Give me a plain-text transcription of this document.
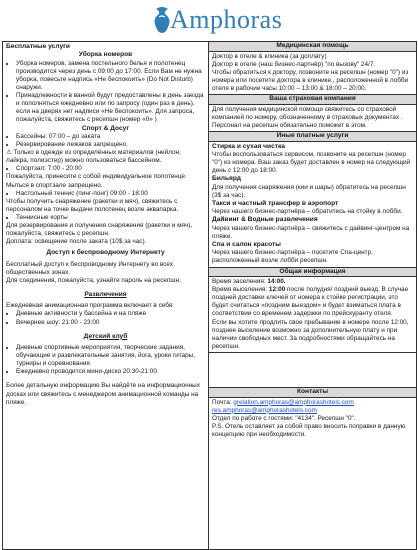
Amphoras
Бесплатные услуги
Уборка номеров
• Уборка номеров, замена постельного белья и полотенец производится через день с 09:00 до 17:00. Если Вам не нужна уборка, повесьте надпись «Не беспокоить» (Do Not Disturb) снаружи.
• Принадлежности в ванной будут предоставлены в день заезда и пополняться ежедневно или по запросу (один раз в день), если на дверях нет надписи «Не беспокоить». Для запроса, пожалуйста, свяжитесь с ресепшн (номер «0» )
Спорт & Досуг
• Бассейны: 07:00 – до заката
• Резервирование лежаков запрещено.
⚠ Только в одежде из определённых материалов (нейлон, лайкра, полиэстер) можно пользоваться бассейном.
• Спортзал: 7:00 - 20:00
Пожалуйста, принесите с собой индивидуальное полотенце. Мыться в спортзале запрещено.
• Настольный теннис (пинг-понг) 09:00 - 18:00
Чтобы получить снаряжение (ракетки и мяч), свяжитесь с персоналом на точке выдачи полотенец возле аквапарка.
• Теннисные корты
Для резервирования и получения снаряжения (ракетки и мяч), пожалуйста, свяжитесь с ресепшн.
Доплата: освещение после заката (10$ за час).
Доступ к беспроводному Интернету
Бесплатный доступ к беспроводному Интернету во всех общественных зонах.
Для соединения, пожалуйста, узнайте пароль на ресепшн.
Развлечения
Ежедневная анимационная программа включает в себя:
• Дневные активности у бассейна и на пляже
• Вечернее шоу: 21:00 - 23:00
Детский клуб
• Дневные спортивные мероприятия, творческие задания, обучающие и развлекательные занятия, йога, уроки гитары, турниры и соревнования
• Ежедневно проводится мини-диско 20:30-21:00
Более детальную информацию Вы найдёте на информационных досках или свяжитесь с менеджером анимационной команды на пляже.
Медицинская помощь
Доктор в отеле & клиника (за доплату)
Доктор в отеле (наш бизнес-партнёр) "по вызову" 24/7.
Чтобы обратиться к доктору, позвоните на ресепшн (номер "0") из номера или посетите доктора в клинике , расположенной в лобби отеля в рабочие часы 10:00 – 13:00 & 18:00 – 20:00.
Ваша страховая компания
Для получения медицинской помощи свяжитесь со страховой компанией по номеру, обозначенному в страховых документах . Персонал на ресепшн обязательно поможет в этом.
Иные платные услуги
Стирка и сухая чистка
Чтобы воспользоваться сервисом, позвоните на ресепшн (номер "0") из номера. Ваш заказ будет доставлен в номер на следующий день с 12:00 до 18:00.
Бильярд
Для получения снаряжения (кии и шары) обратитесь на ресепшн (3$ за час).
Такси и частный трансфер в аэропорт
Через нашего бизнес-партнёра – обратитесь на стойку в лобби.
Дайвинг & Водные развлечения
Через нашего бизнес-партнёра – свяжитесь с дайвинг-центром на пляже.
Спа и салон красоты
Через нашего бизнес-партнёра – посетите Спа-центр, расположенный возле лобби ресепшн.
Общая информация
Время заселения: 14:00.
Время выселения: 12:00 после полудня/ поздний выезд. В случае поздней доставки ключей от номера к стойке регистрации, это будет считаться «поздним выездом» и будет взиматься плата в соответствии со временем задержки по прейскуранту отеля.
Если вы хотите продлить свое пребывание в номере после 12:00, позднее выселение возможно за дополнительную плату и при наличии свободных мест. За подробностями обращайтесь на ресепшн.
Контакты
Почта: grelation.amphoras@amphorashotels.com
res.amphoras@amphorashotels.com
Отдел по работе с гостями: "4134". Ресепшн "0".
P.S. Отель оставляет за собой право вносить поправки в данную концепцию при необходимости.
